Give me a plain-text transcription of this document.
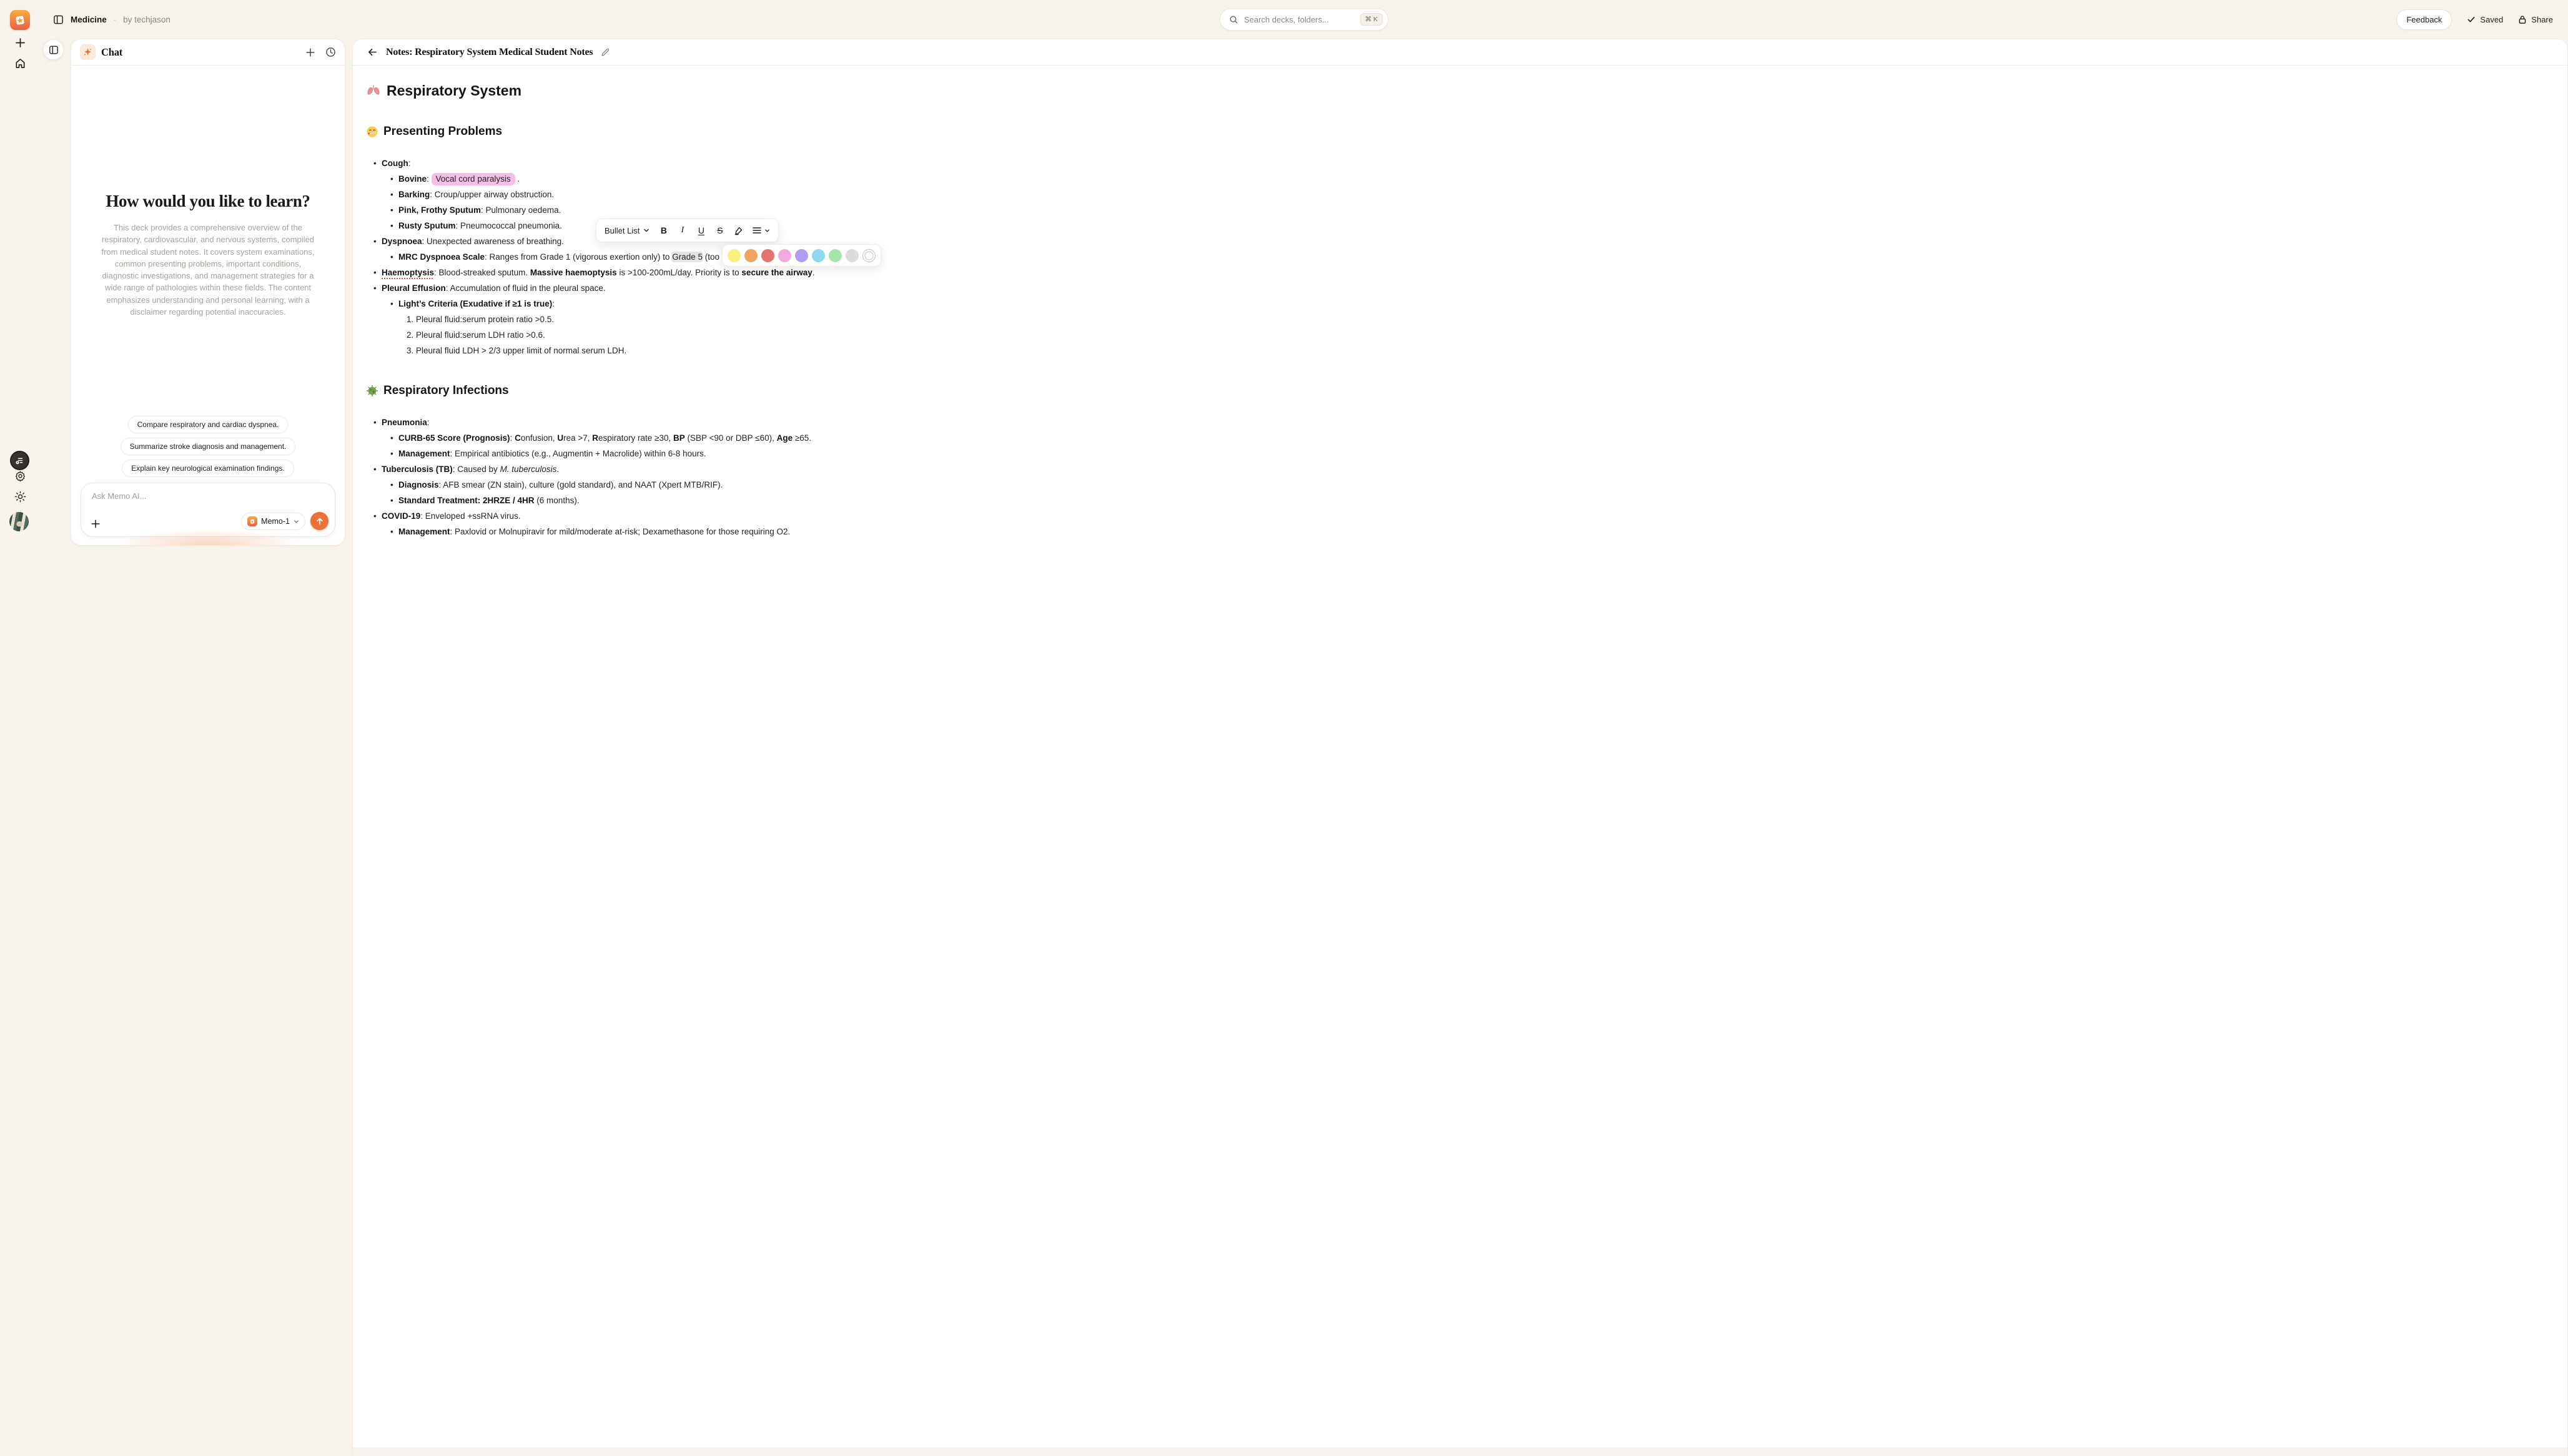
Medicine · by techjason
Search decks, folders...	⌘ K	Feedback	Saved	Share
Chat
How would you like to learn?

This deck provides a comprehensive overview of the respiratory, cardiovascular, and nervous systems, compiled from medical student notes. It covers system examinations, common presenting problems, important conditions, diagnostic investigations, and management strategies for a wide range of pathologies within these fields. The content emphasizes understanding and personal learning, with a disclaimer regarding potential inaccuracies.

Compare respiratory and cardiac dyspnea.
Summarize stroke diagnosis and management.
Explain key neurological examination findings.
Ask Memo AI...
Memo-1
Notes: Respiratory System Medical Student Notes
Respiratory System
Presenting Problems
• Cough:
• Bovine: Vocal cord paralysis .
• Barking: Croup/upper airway obstruction.
• Pink, Frothy Sputum: Pulmonary oedema.
• Rusty Sputum: Pneumococcal pneumonia.
• Dyspnoea: Unexpected awareness of breathing.
• MRC Dyspnoea Scale: Ranges from Grade 1 (vigorous exertion only) to Grade 5 (too
• Haemoptysis: Blood-streaked sputum. Massive haemoptysis is >100-200mL/day. Priority is to secure the airway.
• Pleural Effusion: Accumulation of fluid in the pleural space.
• Light’s Criteria (Exudative if ≥1 is true):
1. Pleural fluid:serum protein ratio >0.5.
2. Pleural fluid:serum LDH ratio >0.6.
3. Pleural fluid LDH > 2/3 upper limit of normal serum LDH.
Respiratory Infections
• Pneumonia:
• CURB-65 Score (Prognosis): Confusion, Urea >7, Respiratory rate ≥30, BP (SBP <90 or DBP ≤60), Age ≥65.
• Management: Empirical antibiotics (e.g., Augmentin + Macrolide) within 6-8 hours.
• Tuberculosis (TB): Caused by M. tuberculosis.
• Diagnosis: AFB smear (ZN stain), culture (gold standard), and NAAT (Xpert MTB/RIF).
• Standard Treatment: 2HRZE / 4HR (6 months).
• COVID-19: Enveloped +ssRNA virus.
• Management: Paxlovid or Molnupiravir for mild/moderate at-risk; Dexamethasone for those requiring O2.
Bullet List B	I	U S
